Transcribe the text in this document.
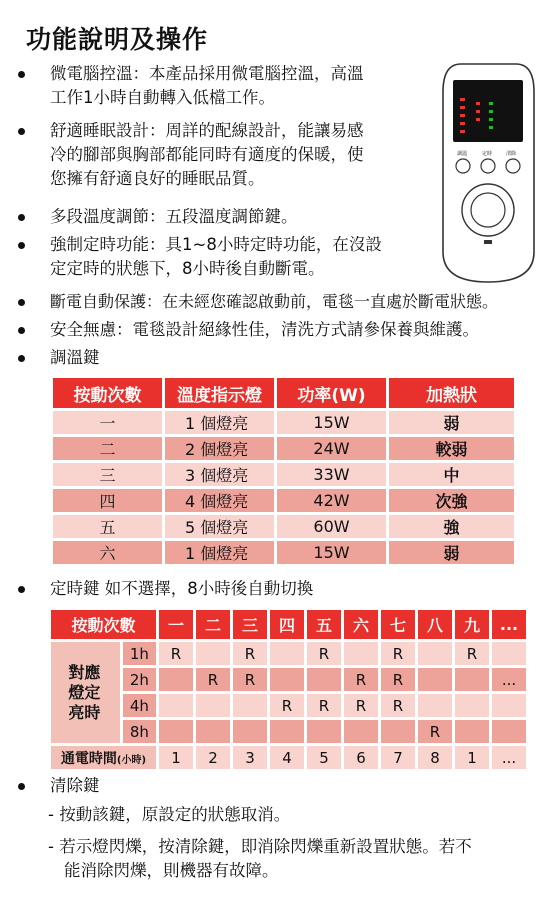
功能說明及操作
微電腦控溫：本產品採用微電腦控溫，高溫
工作1小時自動轉入低檔工作。
舒適睡眠設計：周詳的配線設計，能讓易感
冷的腳部與胸部都能同時有適度的保暖，使
您擁有舒適良好的睡眠品質。
多段溫度調節：五段溫度調節鍵。
強制定時功能：具1~8小時定時功能，在沒設
定定時的狀態下，8小時後自動斷電。
斷電自動保護：在未經您確認啟動前，電毯一直處於斷電狀態。
安全無慮：電毯設計絕緣性佳，清洗方式請參保養與維護。
調溫鍵
調溫	定時	清除
按動次數	溫度指示燈	功率(W)	加熱狀
一	1 個燈亮	15W	弱
二	2 個燈亮	24W	較弱
三	3 個燈亮	33W	中
四	4 個燈亮	42W	次強
五	5 個燈亮	60W	強
六	1 個燈亮	15W	弱
定時鍵 如不選擇，8小時後自動切換
按動次數		一	二	三	四	五	六	七	八	九	...
對應燈定亮時	1h	R		R		R		R		R	
	2h		R	R			R	R			...
	4h				R	R	R	R			
	8h								R		
通電時間(小時)		1	2	3	4	5	6	7	8	1	...
清除鍵
- 按動該鍵，原設定的狀態取消。
- 若示燈閃爍，按清除鍵，即消除閃爍重新設置狀態。若不
能消除閃爍，則機器有故障。
